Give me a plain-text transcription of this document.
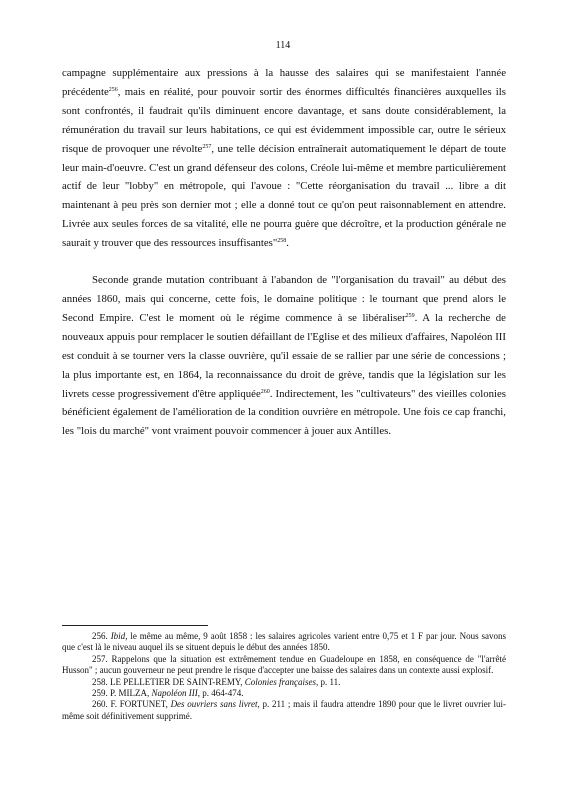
114

campagne supplémentaire aux pressions à la hausse des salaires qui se manifestaient l'année précédente$^{256}$, mais en réalité, pour pouvoir sortir des énormes difficultés financières auxquelles ils sont confrontés, il faudrait qu'ils diminuent encore davantage, et sans doute considérablement, la rémunération du travail sur leurs habitations, ce qui est évidemment impossible car, outre le sérieux risque de provoquer une révolte$^{257}$, une telle décision entraînerait automatiquement le départ de toute leur main-d'oeuvre. C'est un grand défenseur des colons, Créole lui-même et membre particulièrement actif de leur "lobby" en métropole, qui l'avoue : "Cette réorganisation du travail ... libre a dit maintenant à peu près son dernier mot ; elle a donné tout ce qu'on peut raisonnablement en attendre. Livrée aux seules forces de sa vitalité, elle ne pourra guère que décroître, et la production générale ne saurait y trouver que des ressources insuffisantes"$^{258}$.

Seconde grande mutation contribuant à l'abandon de "l'organisation du travail" au début des années 1860, mais qui concerne, cette fois, le domaine politique : le tournant que prend alors le Second Empire. C'est le moment où le régime commence à se libéraliser$^{259}$. A la recherche de nouveaux appuis pour remplacer le soutien défaillant de l'Eglise et des milieux d'affaires, Napoléon III est conduit à se tourner vers la classe ouvrière, qu'il essaie de se rallier par une série de concessions ; la plus importante est, en 1864, la reconnaissance du droit de grève, tandis que la législation sur les livrets cesse progressivement d'être appliquée$^{260}$. Indirectement, les "cultivateurs" des vieilles colonies bénéficient également de l'amélioration de la condition ouvrière en métropole. Une fois ce cap franchi, les "lois du marché" vont vraiment pouvoir commencer à jouer aux Antilles.

256. Ibid, le même au même, 9 août 1858 : les salaires agricoles varient entre 0,75 et 1 F par jour. Nous savons que c'est là le niveau auquel ils se situent depuis le début des années 1850.

257. Rappelons que la situation est extrêmement tendue en Guadeloupe en 1858, en conséquence de "l'arrêté Husson" ; aucun gouverneur ne peut prendre le risque d'accepter une baisse des salaires dans un contexte aussi explosif.

258. LE PELLETIER DE SAINT-REMY, Colonies françaises, p. 11.

259. P. MILZA, Napoléon III, p. 464-474.

260. F. FORTUNET, Des ouvriers sans livret, p. 211 ; mais il faudra attendre 1890 pour que le livret ouvrier lui-même soit définitivement supprimé.
